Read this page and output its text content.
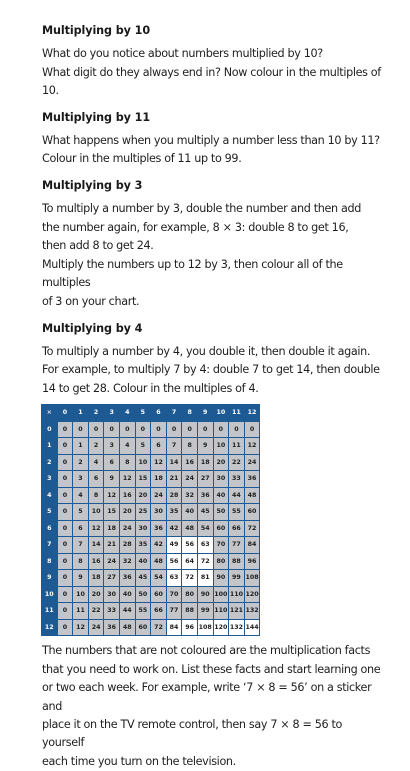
Multiplying by 10

What do you notice about numbers multiplied by 10?

What digit do they always end in? Now colour in the multiples of 10.

Multiplying by 11

What happens when you multiply a number less than 10 by 11?

Colour in the multiples of 11 up to 99.

Multiplying by 3

To multiply a number by 3, double the number and then add

the number again, for example, 8 × 3: double 8 to get 16,

then add 8 to get 24.

Multiply the numbers up to 12 by 3, then colour all of the multiples

of 3 on your chart.

Multiplying by 4

To multiply a number by 4, you double it, then double it again.

For example, to multiply 7 by 4: double 7 to get 14, then double

14 to get 28. Colour in the multiples of 4.

×	0	1	2	3	4	5	6	7	8	9	10	11	12
0	0	0	0	0	0	0	0	0	0	0	0	0	0
1	0	1	2	3	4	5	6	7	8	9	10	11	12
2	0	2	4	6	8	10	12	14	16	18	20	22	24
3	0	3	6	9	12	15	18	21	24	27	30	33	36
4	0	4	8	12	16	20	24	28	32	36	40	44	48
5	0	5	10	15	20	25	30	35	40	45	50	55	60
6	0	6	12	18	24	30	36	42	48	54	60	66	72
7	0	7	14	21	28	35	42	49	56	63	70	77	84
8	0	8	16	24	32	40	48	56	64	72	80	88	96
9	0	9	18	27	36	45	54	63	72	81	90	99	108
10	0	10	20	30	40	50	60	70	80	90	100	110	120
11	0	11	22	33	44	55	66	77	88	99	110	121	132
12	0	12	24	36	48	60	72	84	96	108	120	132	144

The numbers that are not coloured are the multiplication facts

that you need to work on. List these facts and start learning one

or two each week. For example, write ‘7 × 8 = 56’ on a sticker and

place it on the TV remote control, then say 7 × 8 = 56 to yourself

each time you turn on the television.
